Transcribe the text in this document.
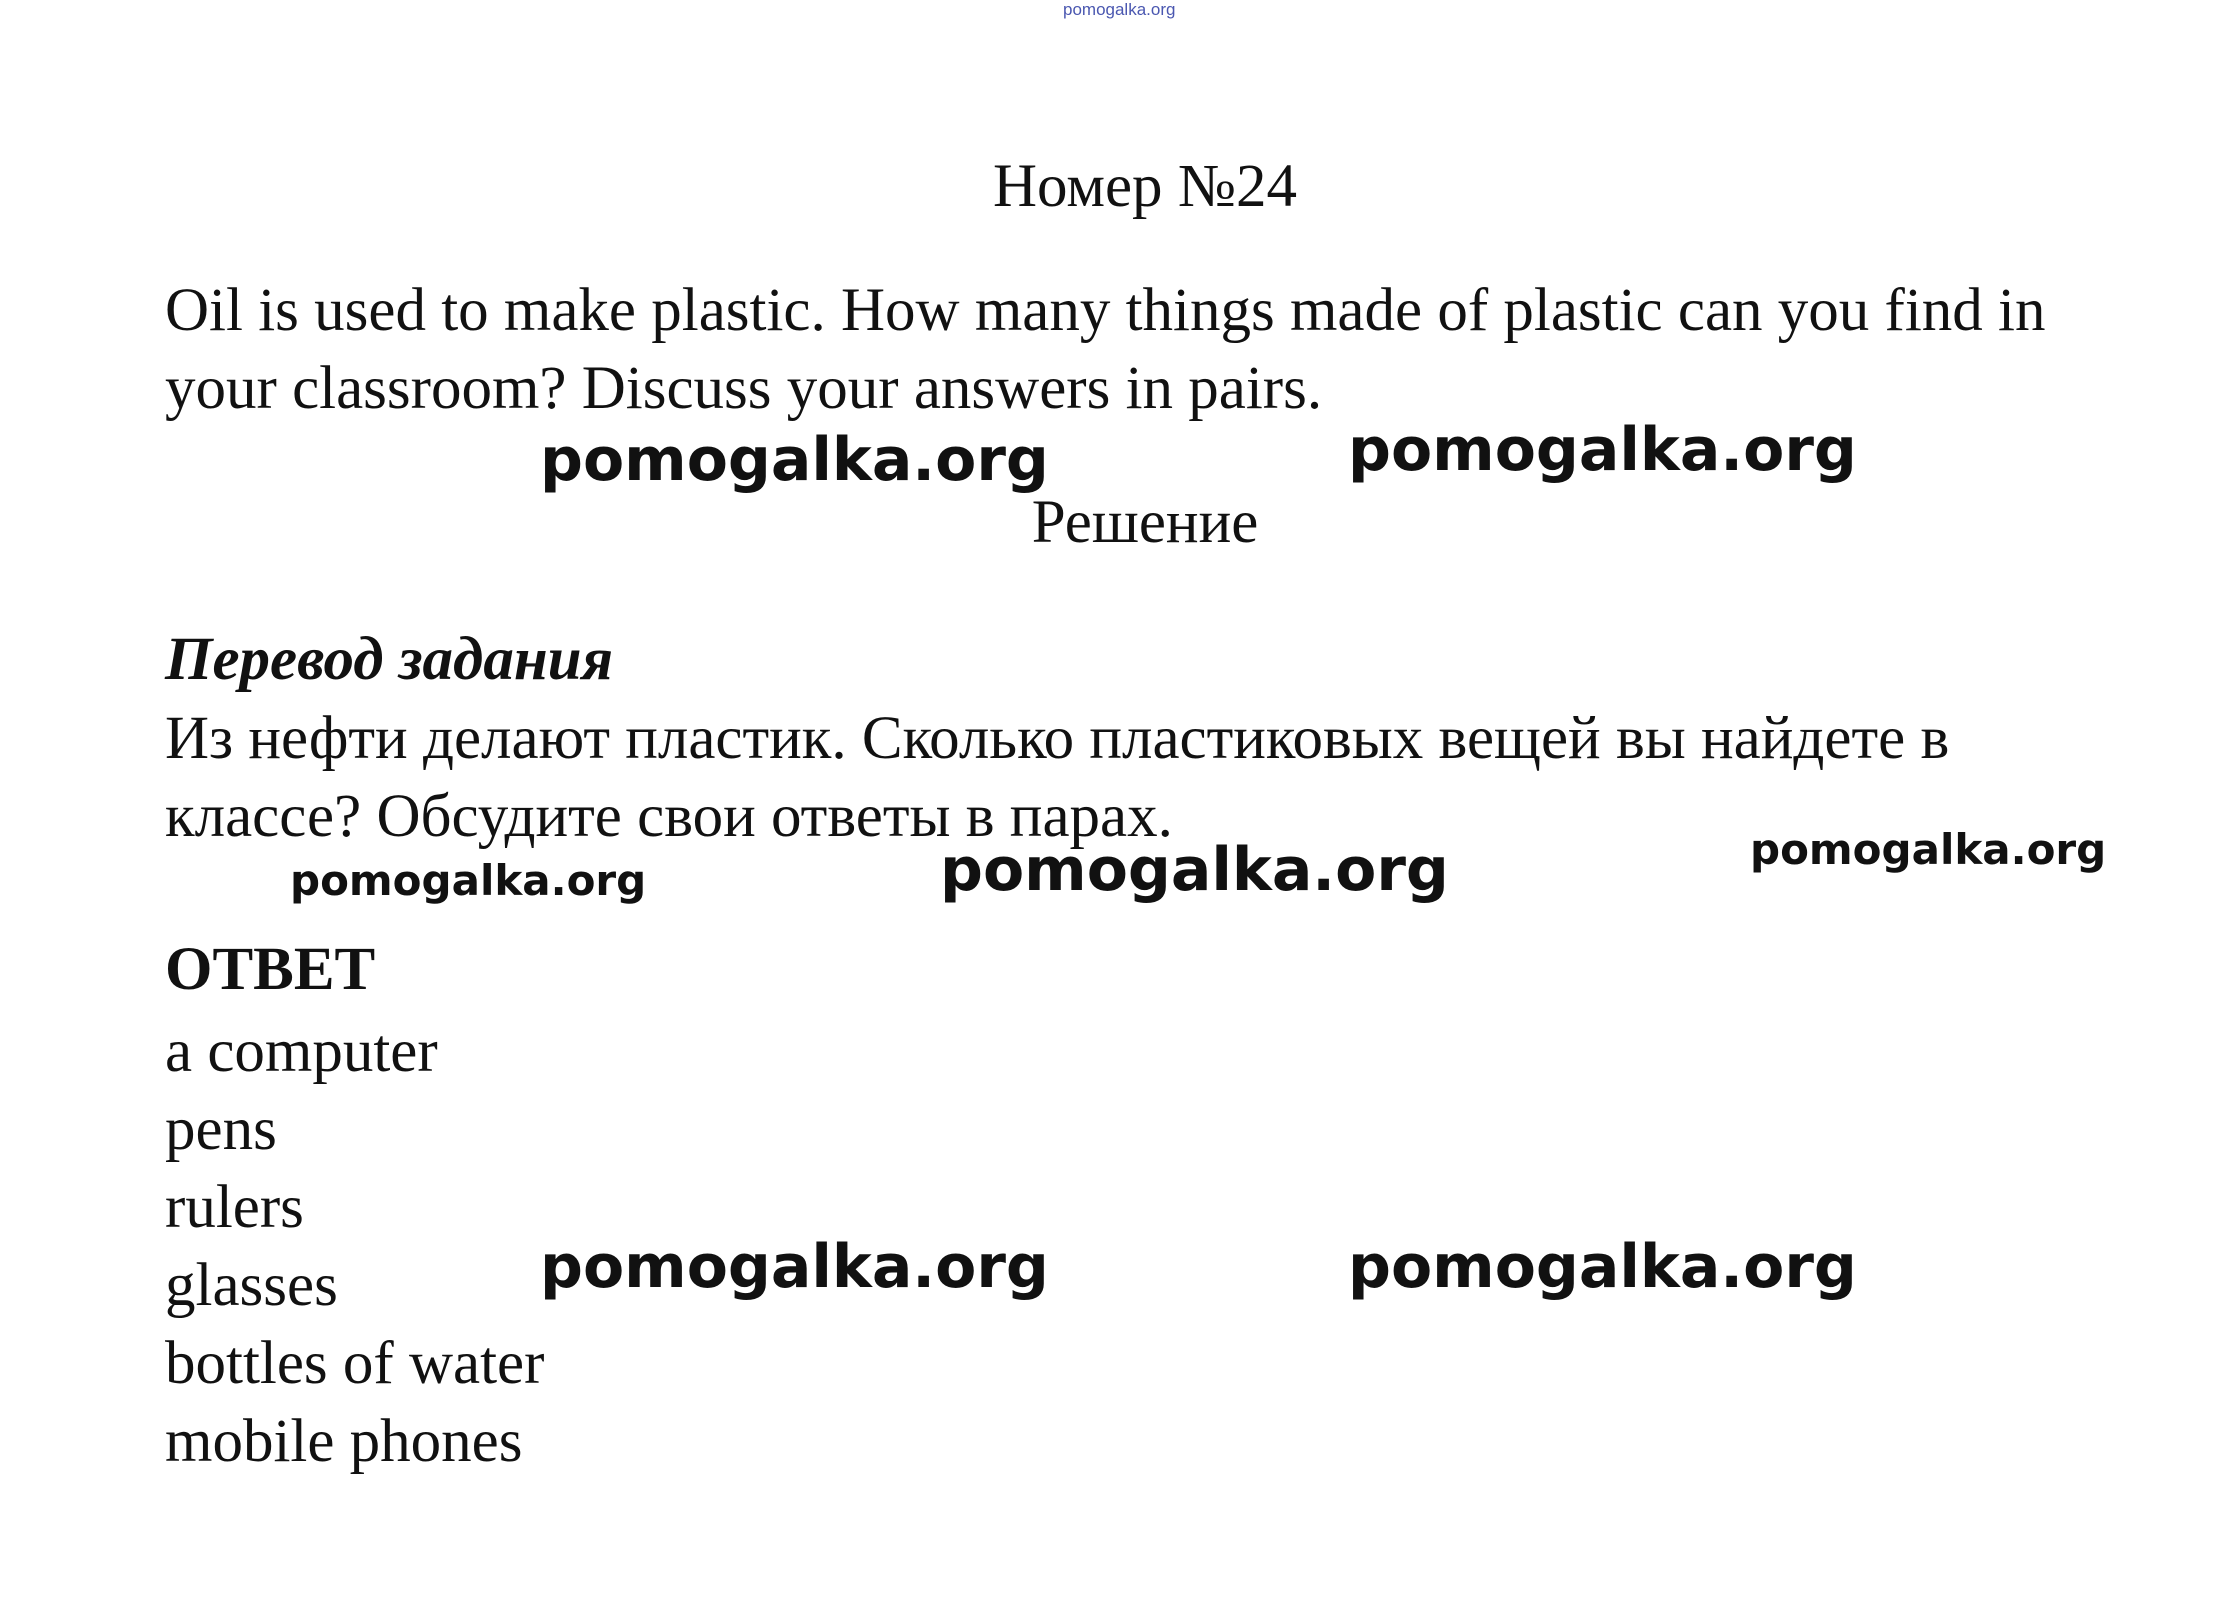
pomogalka.org
Номер №24
Oil is used to make plastic. How many things made of plastic can you find in your classroom? Discuss your answers in pairs.
pomogalka.org	pomogalka.org
Решение
Перевод задания
Из нефти делают пластик. Сколько пластиковых вещей вы найдете в классе? Обсудите свои ответы в парах.
pomogalka.org	pomogalka.org	pomogalka.org
ОТВЕТ
a computer
pens
rulers
glasses
bottles of water
mobile phones
pomogalka.org	pomogalka.org
